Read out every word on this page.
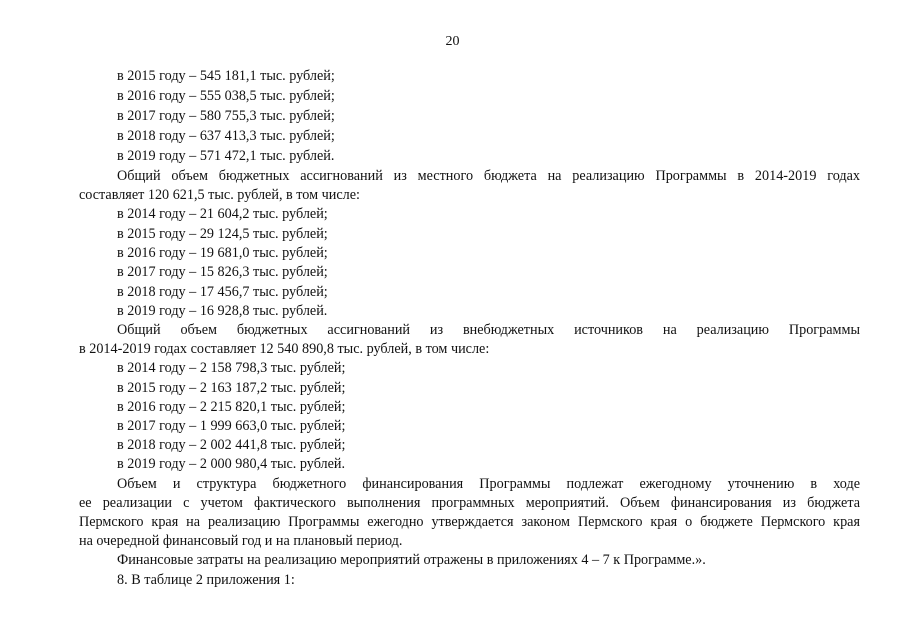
20
в 2015 году – 545 181,1 тыс. рублей;
в 2016 году – 555 038,5 тыс. рублей;
в 2017 году – 580 755,3 тыс. рублей;
в 2018 году – 637 413,3 тыс. рублей;
в 2019 году – 571 472,1 тыс. рублей.
Общий объем бюджетных ассигнований из местного бюджета на реализацию Программы в 2014-2019 годах
составляет 120 621,5 тыс. рублей, в том числе:
в 2014 году – 21 604,2 тыс. рублей;
в 2015 году – 29 124,5 тыс. рублей;
в 2016 году – 19 681,0 тыс. рублей;
в 2017 году – 15 826,3 тыс. рублей;
в 2018 году – 17 456,7 тыс. рублей;
в 2019 году – 16 928,8 тыс. рублей.
Общий объем бюджетных ассигнований из внебюджетных источников на реализацию Программы
в 2014-2019 годах составляет 12 540 890,8 тыс. рублей, в том числе:
в 2014 году – 2 158 798,3 тыс. рублей;
в 2015 году – 2 163 187,2 тыс. рублей;
в 2016 году – 2 215 820,1 тыс. рублей;
в 2017 году – 1 999 663,0 тыс. рублей;
в 2018 году – 2 002 441,8 тыс. рублей;
в 2019 году – 2 000 980,4 тыс. рублей.
Объем и структура бюджетного финансирования Программы подлежат ежегодному уточнению в ходе
ее реализации с учетом фактического выполнения программных мероприятий. Объем финансирования из бюджета
Пермского края на реализацию Программы ежегодно утверждается законом Пермского края о бюджете Пермского края
на очередной финансовый год и на плановый период.
Финансовые затраты на реализацию мероприятий отражены в приложениях 4 – 7 к Программе.».
8. В таблице 2 приложения 1:
